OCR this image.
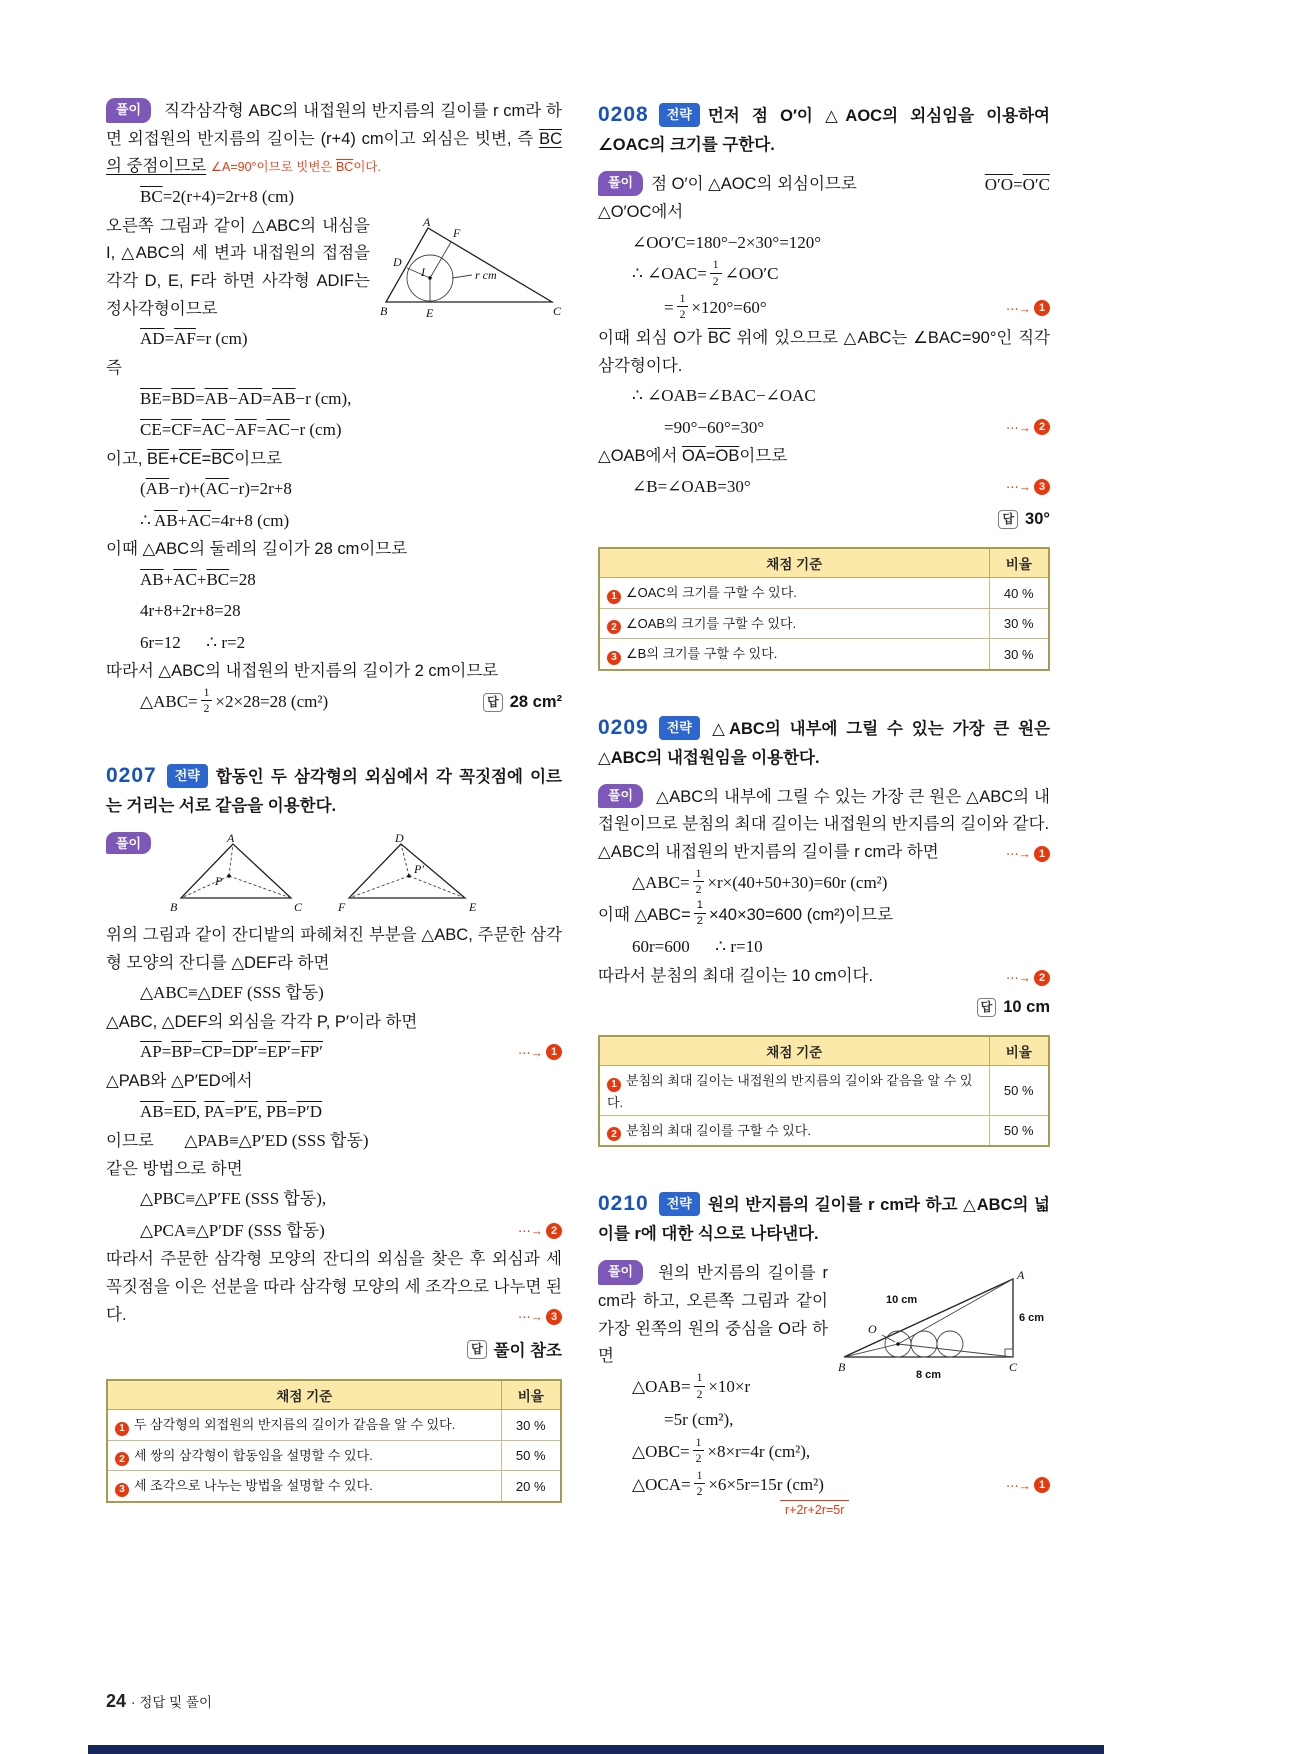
풀이 직각삼각형 ABC의 내접원의 반지름의 길이를 r cm라 하면 외접원의 반지름의 길이는 (r+4) cm이고 외심은 빗변, 즉 BC의 중점이므로 ∠A=90°이므로 빗변은 $\overline{BC}$이다.
$\overline{BC}=2(r+4)=2r+8$ (cm)
A
F
D
I
E
B	C
r cm
오른쪽 그림과 같이 △ABC의 내심을 I, △ABC의 세 변과 내접원의 접점을 각각 D, E, F라 하면 사각형 ADIF는 정사각형이므로
$\overline{AD}=\overline{AF}=r$ (cm)
즉
$\overline{BE}=\overline{BD}=\overline{AB}-\overline{AD}=\overline{AB}-r$ (cm),
$\overline{CE}=\overline{CF}=\overline{AC}-\overline{AF}=\overline{AC}-r$ (cm)
이고, $\overline{BE}+\overline{CE}=\overline{BC}$이므로
$(\overline{AB}-r)+(\overline{AC}-r)=2r+8$
∴ $\overline{AB}+\overline{AC}=4r+8$ (cm)
이때 △ABC의 둘레의 길이가 28 cm이므로
$\overline{AB}+\overline{AC}+\overline{BC}=28$
4r+8+2r+8=28
6r=12  ∴ r=2
따라서 △ABC의 내접원의 반지름의 길이가 2 cm이므로
△ABC= $\frac{1}{2} \times 2\times 28=28$ (cm²)	답 28 cm²
0207 전략 합동인 두 삼각형의 외심에서 각 꼭짓점에 이르는 거리는 서로 같음을 이용한다.
풀이	A
B	C
P
D
F	E
P′
위의 그림과 같이 잔디밭의 파헤쳐진 부분을 △ABC, 주문한 삼각형 모양의 잔디를 △DEF라 하면
△ABC≡△DEF (SSS 합동)
△ABC, △DEF의 외심을 각각 P, P′이라 하면
$\overline{AP}=\overline{BP}=\overline{CP}=DP'=EP'=FP'$	⋯→ 1
△PAB와 △P′ED에서
$\overline{AB}=\overline{ED}$, $\overline{PA}=P'E$, $\overline{PB}=P'D$
이므로 △PAB≡△P′ED (SSS 합동)
같은 방법으로 하면
△PBC≡△P′FE (SSS 합동),
△PCA≡△P′DF (SSS 합동)	⋯→ 2
따라서 주문한 삼각형 모양의 잔디의 외심을 찾은 후 외심과 세 꼭짓점을 이은 선분을 따라 삼각형 모양의 세 조각으로 나누면 된다.	⋯→ 3
답 풀이 참조
채점 기준	비율
1 두 삼각형의 외접원의 반지름의 길이가 같음을 알 수 있다.	30 %
2 세 쌍의 삼각형이 합동임을 설명할 수 있다.	50 %
3 세 조각으로 나누는 방법을 설명할 수 있다.	20 %
0208 전략 먼저 점 O′이 △AOC의 외심임을 이용하여 ∠OAC의 크기를 구한다.
풀이 점 O′이 △AOC의 외심이므로	O′O=O′C
△O′OC에서
∠OO′C=180°−2×30°=120°
∴ ∠OAC= $\frac{1}{2}$ ∠OO′C
= $\frac{1}{2} \times 120^\circ=60^\circ$	⋯→ 1
이때 외심 O가 $\overline{BC}$ 위에 있으므로 △ABC는 ∠BAC=90°인 직각삼각형이다.
∴ ∠OAB=∠BAC−∠OAC
=90°−60°=30°	⋯→ 2
△OAB에서 $\overline{OA}=\overline{OB}$이므로
∠B=∠OAB=30°	⋯→ 3
답 30°
채점 기준	비율
1 ∠OAC의 크기를 구할 수 있다.	40 %
2 ∠OAB의 크기를 구할 수 있다.	30 %
3 ∠B의 크기를 구할 수 있다.	30 %
0209 전략 △ABC의 내부에 그릴 수 있는 가장 큰 원은 △ABC의 내접원임을 이용한다.
풀이 △ABC의 내부에 그릴 수 있는 가장 큰 원은 △ABC의 내접원이므로 분침의 최대 길이는 내접원의 반지름의 길이와 같다.
⋯→ 1
△ABC의 내접원의 반지름의 길이를 r cm라 하면
△ABC= $\frac{1}{2} \times r\times(40+50+30)=60r$ (cm²)
이때 △ABC= $\frac{1}{2} \times 40\times 30=600$ (cm²)이므로
60r=600  ∴ r=10
따라서 분침의 최대 길이는 10 cm이다.	⋯→ 2
답 10 cm
채점 기준	비율
1 분침의 최대 길이는 내접원의 반지름의 길이와 같음을 알 수 있다.	50 %
2 분침의 최대 길이를 구할 수 있다.	50 %
0210 전략 원의 반지름의 길이를 r cm라 하고 △ABC의 넓이를 r에 대한 식으로 나타낸다.
A
B	C
O
10 cm
6 cm
8 cm
풀이 원의 반지름의 길이를 r cm라 하고, 오른쪽 그림과 같이 가장 왼쪽의 원의 중심을 O라 하면
△OAB= $\frac{1}{2} \times 10\times r$
=5r (cm²),
△OBC= $\frac{1}{2} \times 8\times r=4r$ (cm²),
△OCA= $\frac{1}{2} \times 6\times 5r=15r$ (cm²)	⋯→ 1
r+2r+2r=5r
24 · 정답 및 풀이
